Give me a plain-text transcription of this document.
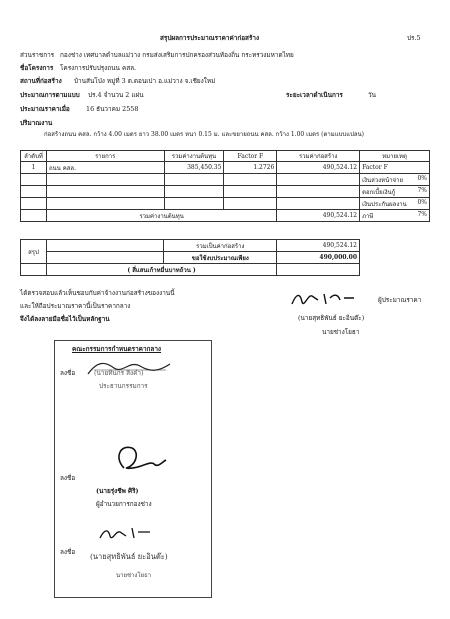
สรุปผลการประมาณราคาค่าก่อสร้าง	ปร.5
ส่วนราชการ กองช่าง เทศบาลตำบลแม่วาง กรมส่งเสริมการปกครองส่วนท้องถิ่น กระทรวงมหาดไทย
ชื่อโครงการ โครงการปรับปรุงถนน คสล.
สถานที่ก่อสร้าง บ้านสันโป่ง หมู่ที่ 3 ต.ดอนเปา อ.แม่วาง จ.เชียงใหม่
ประมาณการตามแบบ ปร.4 จำนวน 2 แผ่น	ระยะเวลาดำเนินการ	วัน
ประมาณราคาเมื่อ	16 ธันวาคม 2558
ปริมาณงาน
ก่อสร้างถนน คสล. กว้าง 4.00 เมตร ยาว 38.00 เมตร หนา 0.15 ม. และขยายถนน คสล. กว้าง 1.00 เมตร (ตามแบบแปลน)
ลำดับที่	รายการ	รวมค่างานต้นทุน	Factor F	รวมค่าก่อสร้าง	หมายเหตุ
1	ถนน คสล.	385,450.35	1.2726	490,524.12	Factor F
					เงินล่วงหน้าจ่าย 0%

					ดอกเบี้ยเงินกู้ 7%

					เงินประกันผลงาน 0%

	รวมค่างานต้นทุน			490,524.12	ภาษี 7%
สรุป		รวมเป็นค่าก่อสร้าง	490,524.12
		ขอใช้งบประมาณเพียง	490,000.00
	( สี่แสนเก้าหมื่นบาทถ้วน )		
ได้ตรวจสอบแล้วเห็นชอบกับค่าจ้างงานก่อสร้างของงานนี้
และให้ถือประมาณราคานี้เป็นราคากลาง
จึงได้ลงลายมือชื่อไว้เป็นหลักฐาน
ผู้ประมาณราคา
(นายสุทธิพันธ์ ยะอินต๊ะ)
นายช่างโยธา
คณะกรรมการกำหนดราคากลาง
ลงชื่อ	(นายทินกร สิงคำ)
ประธานกรรมการ
ลงชื่อ
(นายรุ่งชีพ ศิริ)
ผู้อำนวยการกองช่าง
ลงชื่อ (นายสุทธิพันธ์ ยะอินต๊ะ)
นายช่างโยธา
